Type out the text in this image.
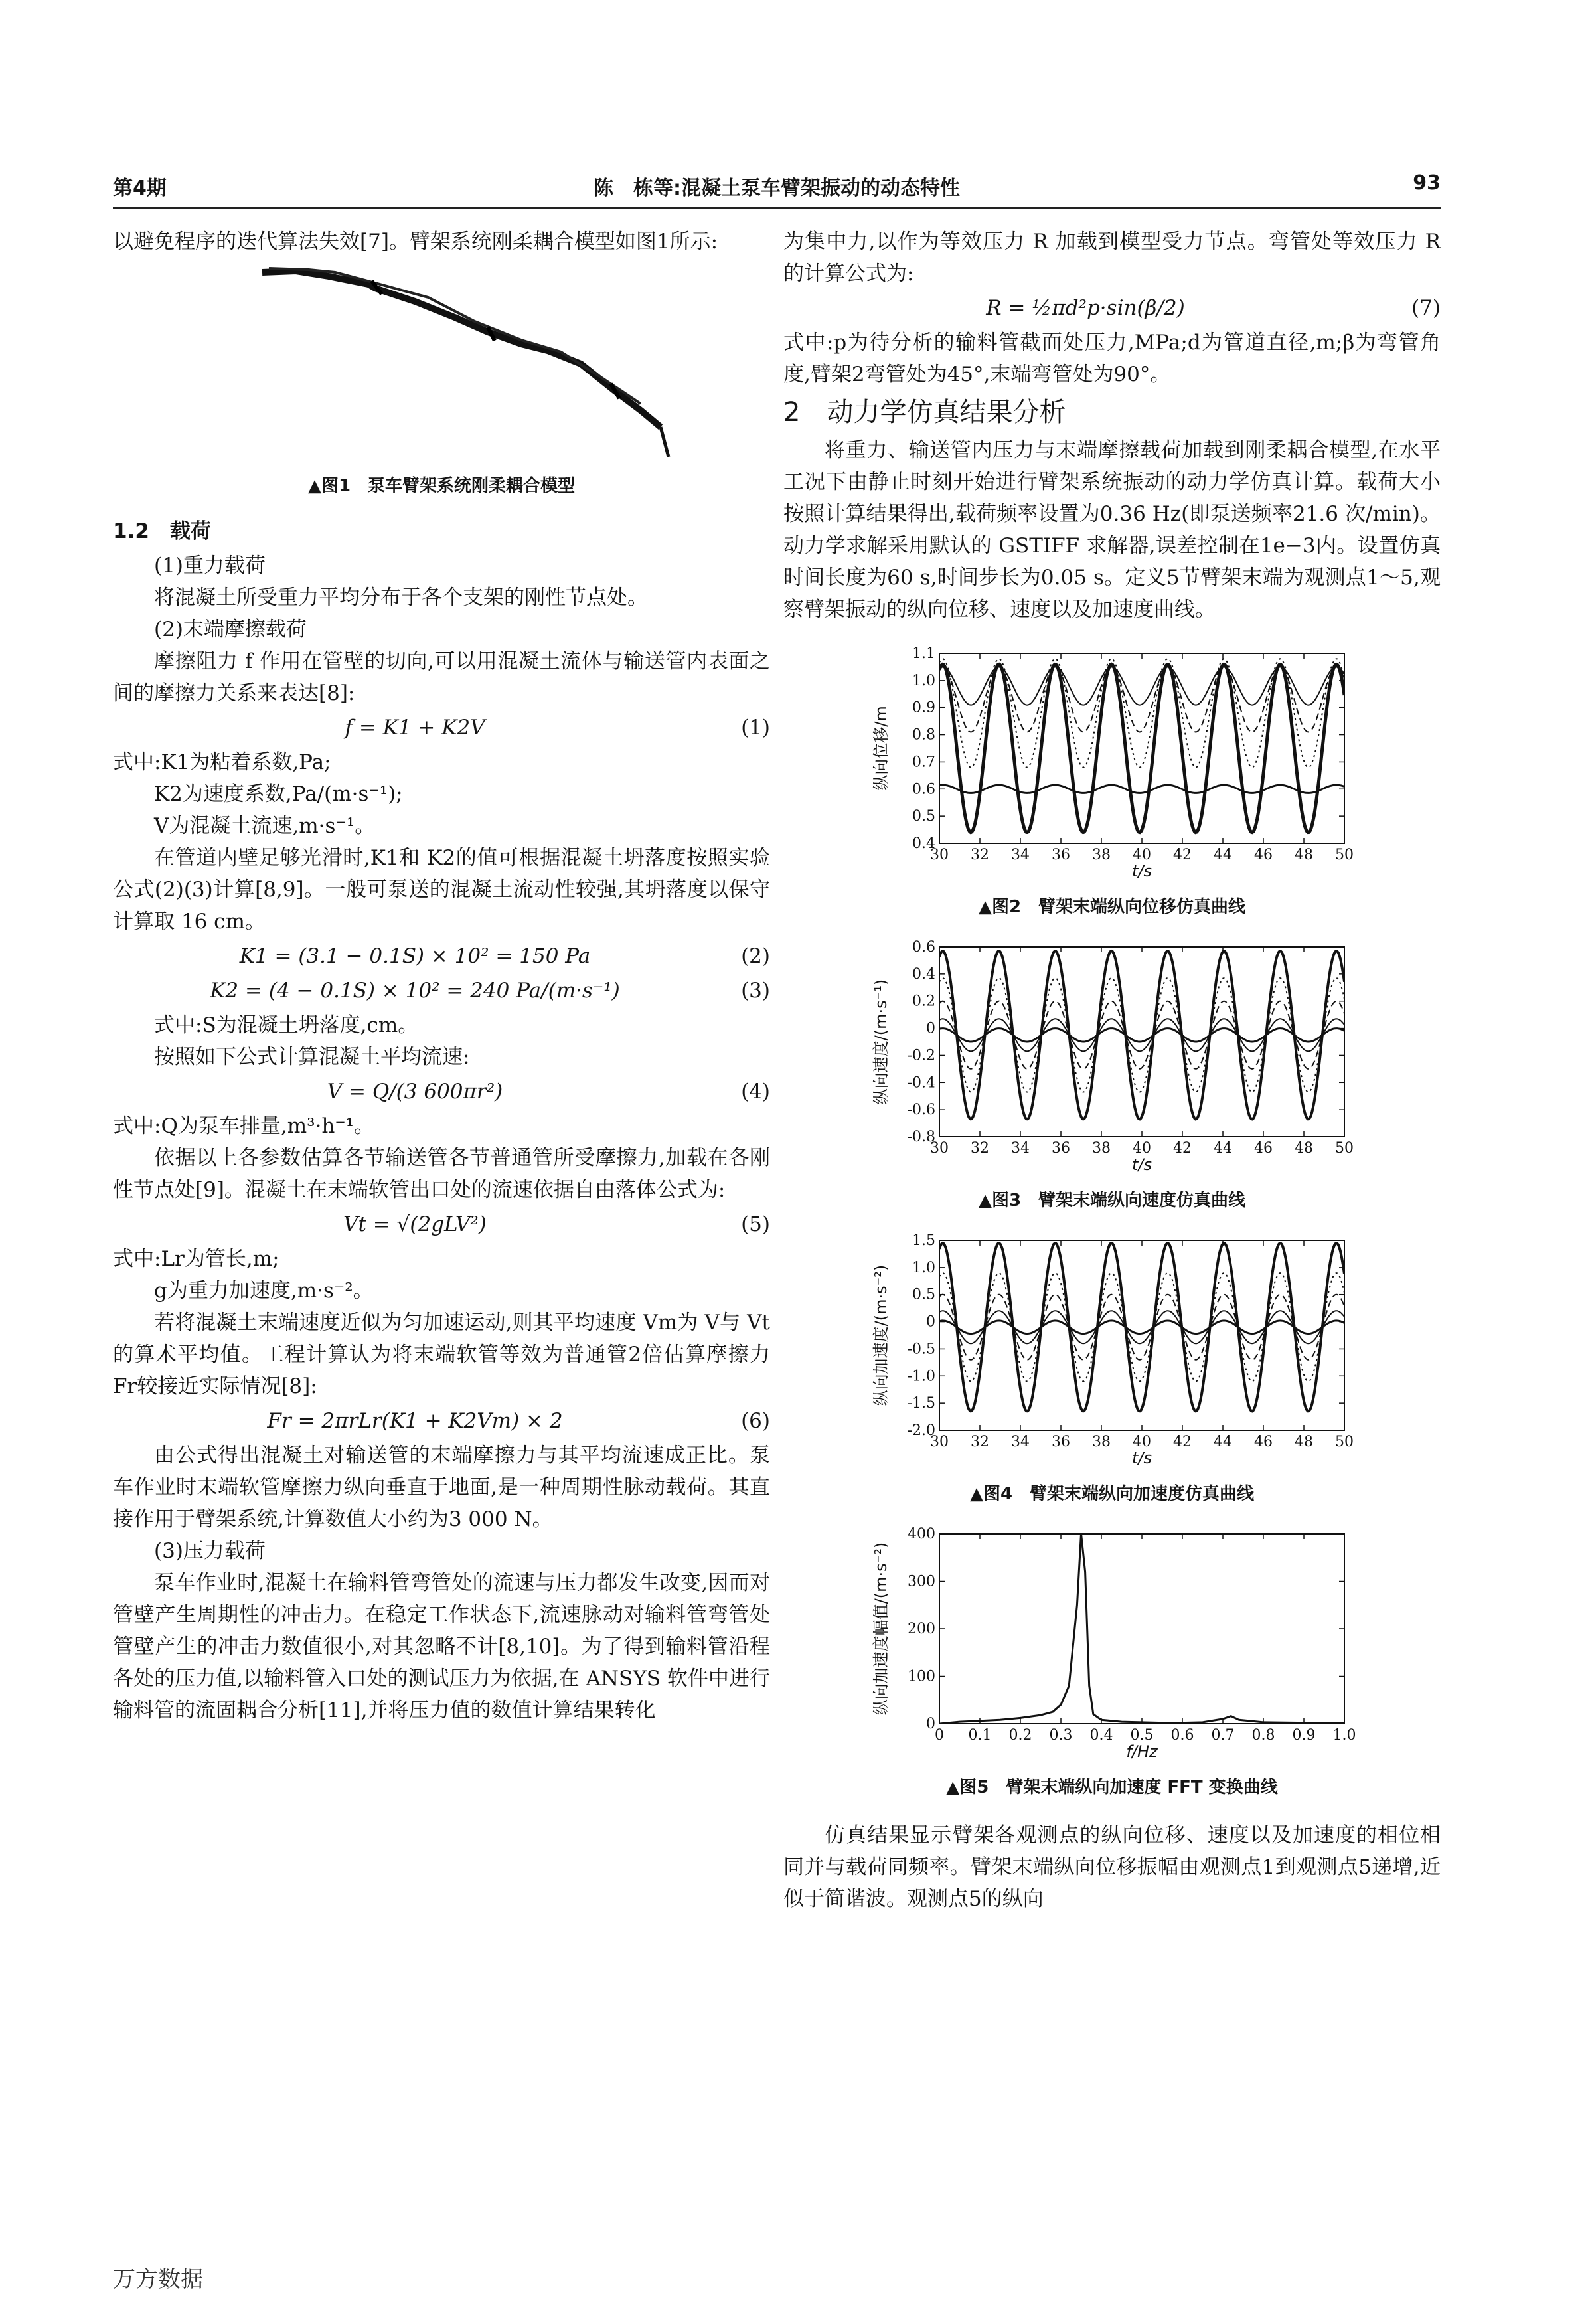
第4期	陈　栋等:混凝土泵车臂架振动的动态特性	93

以避免程序的迭代算法失效[7]。臂架系统刚柔耦合模型如图1所示:

▲图1　泵车臂架系统刚柔耦合模型

1.2　载荷

(1)重力载荷

将混凝土所受重力平均分布于各个支架的刚性节点处。

(2)末端摩擦载荷

摩擦阻力 f 作用在管壁的切向,可以用混凝土流体与输送管内表面之间的摩擦力关系来表达[8]:

f = K1 + K2V	(1)

式中:K1为粘着系数,Pa;

K2为速度系数,Pa/(m·s⁻¹);

V为混凝土流速,m·s⁻¹。

在管道内壁足够光滑时,K1和 K2的值可根据混凝土坍落度按照实验公式(2)(3)计算[8,9]。一般可泵送的混凝土流动性较强,其坍落度以保守计算取 16 cm。

K1 = (3.1 − 0.1S) × 10² = 150 Pa	(2)
K2 = (4 − 0.1S) × 10² = 240 Pa/(m·s⁻¹)	(3)

式中:S为混凝土坍落度,cm。

按照如下公式计算混凝土平均流速:

V = Q/(3 600πr²)	(4)

式中:Q为泵车排量,m³·h⁻¹。

依据以上各参数估算各节输送管各节普通管所受摩擦力,加载在各刚性节点处[9]。混凝土在末端软管出口处的流速依据自由落体公式为:

Vt = √(2gLV²)	(5)

式中:Lr为管长,m;

g为重力加速度,m·s⁻²。

若将混凝土末端速度近似为匀加速运动,则其平均速度 Vm为 V与 Vt的算术平均值。工程计算认为将末端软管等效为普通管2倍估算摩擦力 Fr较接近实际情况[8]:

Fr = 2πrLr(K1 + K2Vm) × 2	(6)

由公式得出混凝土对输送管的末端摩擦力与其平均流速成正比。泵车作业时末端软管摩擦力纵向垂直于地面,是一种周期性脉动载荷。其直接作用于臂架系统,计算数值大小约为3 000 N。

(3)压力载荷

泵车作业时,混凝土在输料管弯管处的流速与压力都发生改变,因而对管壁产生周期性的冲击力。在稳定工作状态下,流速脉动对输料管弯管处管壁产生的冲击力数值很小,对其忽略不计[8,10]。为了得到输料管沿程各处的压力值,以输料管入口处的测试压力为依据,在 ANSYS 软件中进行输料管的流固耦合分析[11],并将压力值的数值计算结果转化

为集中力,以作为等效压力 R 加载到模型受力节点。弯管处等效压力 R 的计算公式为:

R = ½πd²p·sin(β/2)	(7)

式中:p为待分析的输料管截面处压力,MPa;d为管道直径,m;β为弯管角度,臂架2弯管处为45°,末端弯管处为90°。

2　动力学仿真结果分析

将重力、输送管内压力与末端摩擦载荷加载到刚柔耦合模型,在水平工况下由静止时刻开始进行臂架系统振动的动力学仿真计算。载荷大小按照计算结果得出,载荷频率设置为0.36 Hz(即泵送频率21.6 次/min)。动力学求解采用默认的 GSTIFF 求解器,误差控制在1e−3内。设置仿真时间长度为60 s,时间步长为0.05 s。定义5节臂架末端为观测点1～5,观察臂架振动的纵向位移、速度以及加速度曲线。

30 32 34 36 38 40 42 44 46 48 50
0.4
0.5
0.6
0.7
0.8
0.9
1.0
1.1
t/s
纵向位移/m

▲图2　臂架末端纵向位移仿真曲线

30 32 34 36 38 40 42 44 46 48 50
-0.8
-0.6
-0.4
-0.2
0
0.2
0.4
0.6
t/s
纵向速度/(m·s⁻¹)

▲图3　臂架末端纵向速度仿真曲线

30 32 34 36 38 40 42 44 46 48 50
-2.0
-1.5
-1.0
-0.5
0
0.5
1.0
1.5
t/s
纵向加速度/(m·s⁻²)

▲图4　臂架末端纵向加速度仿真曲线

0 0.1 0.2 0.3 0.4 0.5 0.6 0.7 0.8 0.9 1.0
0
100
200
300
400
f/Hz
纵向加速度幅值/(m·s⁻²)

▲图5　臂架末端纵向加速度 FFT 变换曲线

仿真结果显示臂架各观测点的纵向位移、速度以及加速度的相位相同并与载荷同频率。臂架末端纵向位移振幅由观测点1到观测点5递增,近似于简谐波。观测点5的纵向

万方数据
